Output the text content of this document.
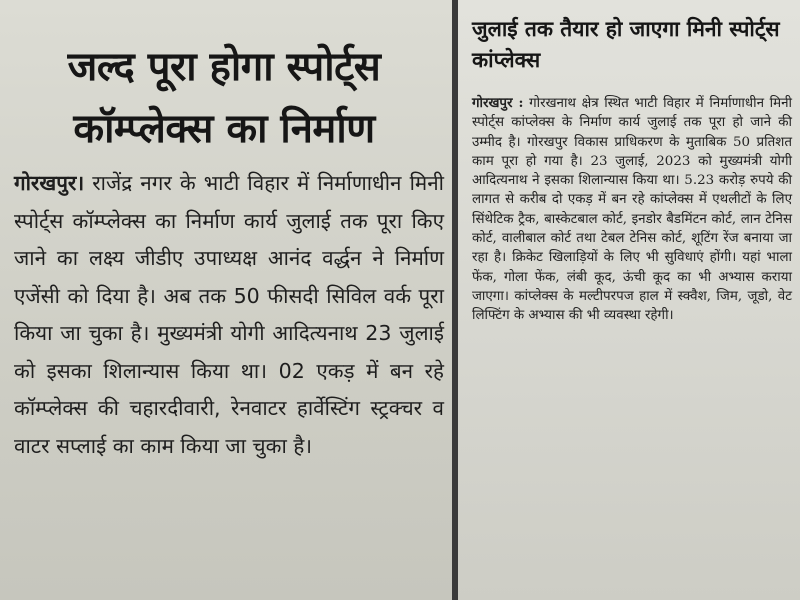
जल्द पूरा होगा स्पोर्ट्स कॉम्प्लेक्स का निर्माण

गोरखपुर। राजेंद्र नगर के भाटी विहार में निर्माणाधीन मिनी स्पोर्ट्स कॉम्प्लेक्स का निर्माण कार्य जुलाई तक पूरा किए जाने का लक्ष्य जीडीए उपाध्यक्ष आनंद वर्द्धन ने निर्माण एजेंसी को दिया है। अब तक 50 फीसदी सिविल वर्क पूरा किया जा चुका है। मुख्यमंत्री योगी आदित्यनाथ 23 जुलाई को इसका शिलान्यास किया था। 02 एकड़ में बन रहे कॉम्प्लेक्स की चहारदीवारी, रेनवाटर हार्वेस्टिंग स्ट्रक्चर व वाटर सप्लाई का काम किया जा चुका है।

जुलाई तक तैयार हो जाएगा मिनी स्पोर्ट्स कांप्लेक्स

गोरखपुर : गोरखनाथ क्षेत्र स्थित भाटी विहार में निर्माणाधीन मिनी स्पोर्ट्स कांप्लेक्स के निर्माण कार्य जुलाई तक पूरा हो जाने की उम्मीद है। गोरखपुर विकास प्राधिकरण के मुताबिक 50 प्रतिशत काम पूरा हो गया है। 23 जुलाई, 2023 को मुख्यमंत्री योगी आदित्यनाथ ने इसका शिलान्यास किया था। 5.23 करोड़ रुपये की लागत से करीब दो एकड़ में बन रहे कांप्लेक्स में एथलीटों के लिए सिंथेटिक ट्रैक, बास्केटबाल कोर्ट, इनडोर बैडमिंटन कोर्ट, लान टेनिस कोर्ट, वालीबाल कोर्ट तथा टेबल टेनिस कोर्ट, शूटिंग रेंज बनाया जा रहा है। क्रिकेट खिलाड़ियों के लिए भी सुविधाएं होंगी। यहां भाला फेंक, गोला फेंक, लंबी कूद, ऊंची कूद का भी अभ्यास कराया जाएगा। कांप्लेक्स के मल्टीपरपज हाल में स्क्वैश, जिम, जूडो, वेट लिफ्टिंग के अभ्यास की भी व्यवस्था रहेगी।
